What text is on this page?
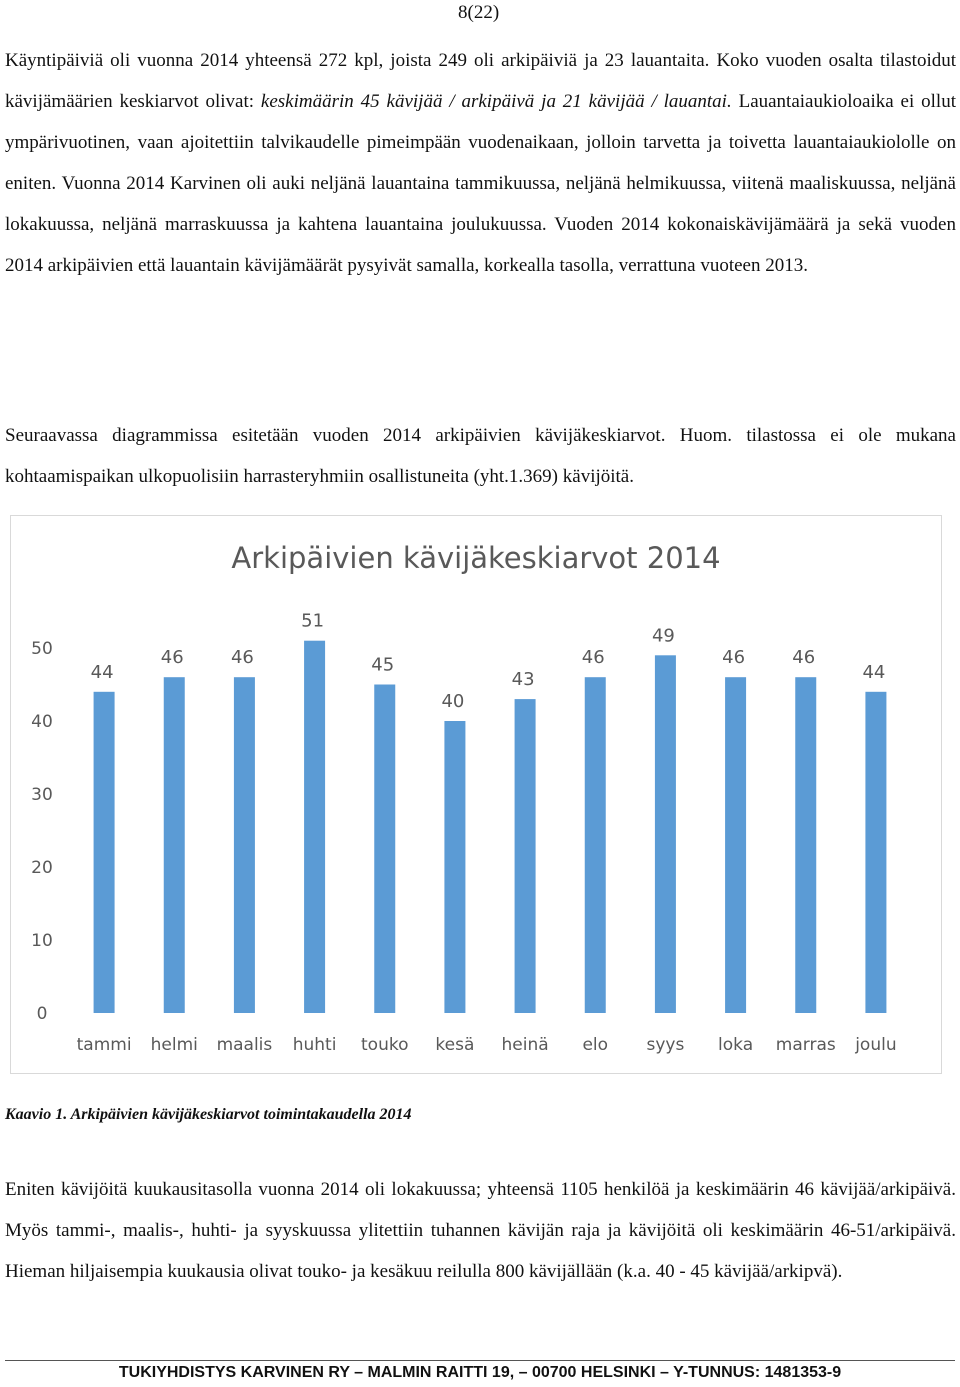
8(22)

Käyntipäiviä oli vuonna 2014 yhteensä 272 kpl, joista 249 oli arkipäiviä ja 23 lauantaita. Koko vuoden osalta tilastoidut kävijämäärien keskiarvot olivat: keskimäärin 45 kävijää / arkipäivä ja 21 kävijää / lauantai. Lauantaiaukioloaika ei ollut ympärivuotinen, vaan ajoitettiin talvikaudelle pimeimpään vuodenaikaan, jolloin tarvetta ja toivetta lauantaiaukiololle on eniten. Vuonna 2014 Karvinen oli auki neljänä lauantaina tammikuussa, neljänä helmikuussa, viitenä maaliskuussa, neljänä lokakuussa, neljänä marraskuussa ja kahtena lauantaina joulukuussa. Vuoden 2014 kokonaiskävijämäärä ja sekä vuoden 2014 arkipäivien että lauantain kävijämäärät pysyivät samalla, korkealla tasolla, verrattuna vuoteen 2013.

Seuraavassa diagrammissa esitetään vuoden 2014 arkipäivien kävijäkeskiarvot. Huom. tilastossa ei ole mukana kohtaamispaikan ulkopuolisiin harrasteryhmiin osallistuneita (yht.1.369) kävijöitä.

Arkipäivien kävijäkeskiarvot 2014
0
10
20
30
40
50
44
46	46
51
45
40
43
46
49
46	46
44
tammi helmi maalis huhti touko kesä heinä elo syys loka marras joulu

Kaavio 1. Arkipäivien kävijäkeskiarvot toimintakaudella 2014

Eniten kävijöitä kuukausitasolla vuonna 2014 oli lokakuussa; yhteensä 1105 henkilöä ja keskimäärin 46 kävijää/arkipäivä. Myös tammi-, maalis-, huhti- ja syyskuussa ylitettiin tuhannen kävijän raja ja kävijöitä oli keskimäärin 46-51/arkipäivä. Hieman hiljaisempia kuukausia olivat touko- ja kesäkuu reilulla 800 kävijällään (k.a. 40 - 45 kävijää/arkipvä).

TUKIYHDISTYS KARVINEN RY – MALMIN RAITTI 19, – 00700 HELSINKI – Y-TUNNUS: 1481353-9
